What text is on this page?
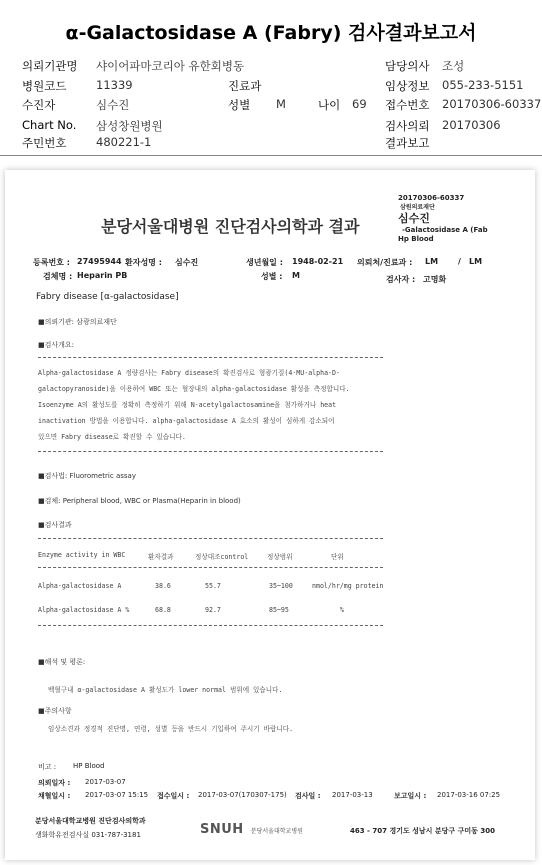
α-Galactosidase A (Fabry) 검사결과보고서
의뢰기관명 샤이어파마코리아 유한회병동	담당의사 조성
병원코드	11339	진료과	임상정보 055-233-5151
수진자	심수진	성별 M	나이 69 접수번호 20170306-60337
Chart No. 삼성창원병원	검사의뢰 20170306
주민번호	480221-1	결과보고
분당서울대병원 진단검사의학과 결과
20170306-60337
삼원의료재단
심수진
-Galactosidase A (Fab
Hp Blood
등록번호 : 27495944 환자성명 : 심수진	생년월일 : 1948-02-21 의뢰처/진료과 : LM / LM
검체명 : Heparin PB	성별 : M	검사자 : 고명화
Fabry disease [α-galactosidase]
■의뢰기관: 삼광의료재단
■검사개요:
Alpha-galactosidase A 정량검사는 Fabry disease의 확진검사로 형광기질(4-MU-alpha-D-
galactopyranoside)을 이용하여 WBC 또는 혈장내의 alpha-galactosidase 활성을 측정합니다.
Isoenzyme A의 활성도를 정확히 측정하기 위해 N-acetylgalactosamine을 첨가하거나 heat
inactivation 방법을 이용합니다. alpha-galactosidase A 효소의 활성이 심하게 감소되어
있으면 Fabry disease로 확진할 수 있습니다.
■검사법: Fluorometric assay
■검체: Peripheral blood, WBC or Plasma(Heparin in blood)
■검사결과
Enzyme activity in WBC	환자결과	정상대조control	정상범위	단위
Alpha-galactosidase A	38.6	55.7	35~100	nmol/hr/mg protein
Alpha-galactosidase A %	68.8	92.7	85~95	%
■해석 및 평론:
백혈구내 α-galactosidase A 활성도가 lower normal 범위에 있습니다.
■주의사항
임상소견과 정경적 진단명, 연령, 성별 등을 반드시 기입하여 주시기 바랍니다.
비고 : HP Blood
의뢰일자 : 2017-03-07
채혈일시 : 2017-03-07 15:15 접수일시 : 2017-03-07(170307-175) 검사일 : 2017-03-13	보고일시 : 2017-03-16 07:25
분당서울대학교병원 진단검사의학과
생화학유전검사실 031-787-3181	SNUH 분당서울대학교병원	463 - 707 경기도 성남시 분당구 구미동 300
